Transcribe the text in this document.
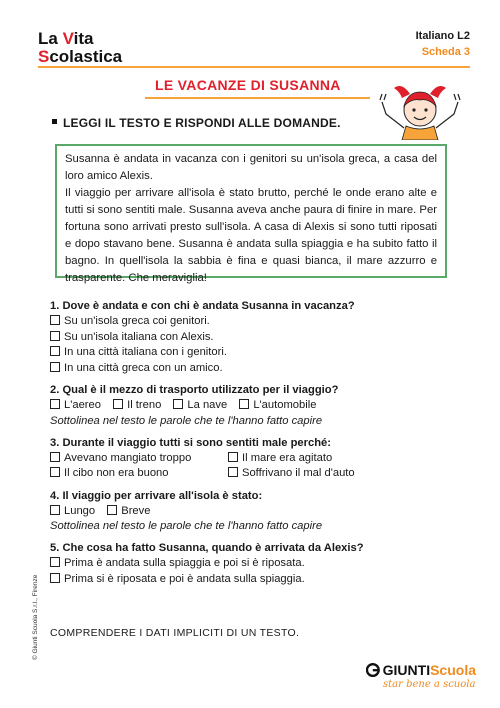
La Vita
Scolastica
Italiano L2
Scheda 3
LE VACANZE DI SUSANNA
LEGGI IL TESTO E RISPONDI ALLE DOMANDE.

Susanna è andata in vacanza con i genitori su un'isola greca, a casa del loro amico Alexis.

Il viaggio per arrivare all'isola è stato brutto, perché le onde erano alte e tutti si sono sentiti male. Susanna aveva anche paura di finire in mare. Per fortuna sono arrivati presto sull'isola. A casa di Alexis si sono tutti riposati e dopo stavano bene. Susanna è andata sulla spiaggia e ha subito fatto il bagno. In quell'isola la sabbia è fina e quasi bianca, il mare azzurro e trasparente. Che meraviglia!

1. Dove è andata e con chi è andata Susanna in vacanza?
Su un'isola greca coi genitori.
Su un'isola italiana con Alexis.
In una città italiana con i genitori.
In una città greca con un amico.
2. Qual è il mezzo di trasporto utilizzato per il viaggio?
L'aereo Il treno La nave L'automobile
Sottolinea nel testo le parole che te l'hanno fatto capire
3. Durante il viaggio tutti si sono sentiti male perché:
Avevano mangiato troppo	Il mare era agitato
Il cibo non era buono	Soffrivano il mal d'auto
4. Il viaggio per arrivare all'isola è stato:
Lungo Breve
Sottolinea nel testo le parole che te l'hanno fatto capire
5. Che cosa ha fatto Susanna, quando è arrivata da Alexis?
Prima è andata sulla spiaggia e poi si è riposata.
Prima si è riposata e poi è andata sulla spiaggia.
COMPRENDERE I DATI IMPLICITI DI UN TESTO.
© Giunti Scuola S.r.l., Firenze
GIUNTI Scuola
star bene a scuola
